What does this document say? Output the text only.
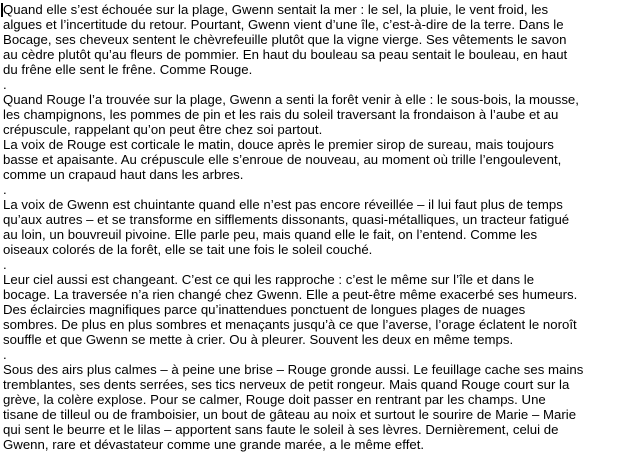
Quand elle s’est échouée sur la plage, Gwenn sentait la mer : le sel, la pluie, le vent froid, les
algues et l’incertitude du retour. Pourtant, Gwenn vient d’une île, c’est-à-dire de la terre. Dans le
Bocage, ses cheveux sentent le chèvrefeuille plutôt que la vigne vierge. Ses vêtements le savon
au cèdre plutôt qu’au fleurs de pommier. En haut du bouleau sa peau sentait le bouleau, en haut
du frêne elle sent le frêne. Comme Rouge.
.
Quand Rouge l’a trouvée sur la plage, Gwenn a senti la forêt venir à elle : le sous-bois, la mousse,
les champignons, les pommes de pin et les rais du soleil traversant la frondaison à l’aube et au
crépuscule, rappelant qu’on peut être chez soi partout.
La voix de Rouge est corticale le matin, douce après le premier sirop de sureau, mais toujours
basse et apaisante. Au crépuscule elle s’enroue de nouveau, au moment où trille l’engoulevent,
comme un crapaud haut dans les arbres.
.
La voix de Gwenn est chuintante quand elle n’est pas encore réveillée – il lui faut plus de temps
qu’aux autres – et se transforme en sifflements dissonants, quasi-métalliques, un tracteur fatigué
au loin, un bouvreuil pivoine. Elle parle peu, mais quand elle le fait, on l’entend. Comme les
oiseaux colorés de la forêt, elle se tait une fois le soleil couché.
.
Leur ciel aussi est changeant. C’est ce qui les rapproche : c’est le même sur l’île et dans le
bocage. La traversée n’a rien changé chez Gwenn. Elle a peut-être même exacerbé ses humeurs.
Des éclaircies magnifiques parce qu’inattendues ponctuent de longues plages de nuages
sombres. De plus en plus sombres et menaçants jusqu’à ce que l’averse, l’orage éclatent le noroît
souffle et que Gwenn se mette à crier. Ou à pleurer. Souvent les deux en même temps.
.
Sous des airs plus calmes – à peine une brise – Rouge gronde aussi. Le feuillage cache ses mains
tremblantes, ses dents serrées, ses tics nerveux de petit rongeur. Mais quand Rouge court sur la
grève, la colère explose. Pour se calmer, Rouge doit passer en rentrant par les champs. Une
tisane de tilleul ou de framboisier, un bout de gâteau au noix et surtout le sourire de Marie – Marie
qui sent le beurre et le lilas – apportent sans faute le soleil à ses lèvres. Dernièrement, celui de
Gwenn, rare et dévastateur comme une grande marée, a le même effet.
